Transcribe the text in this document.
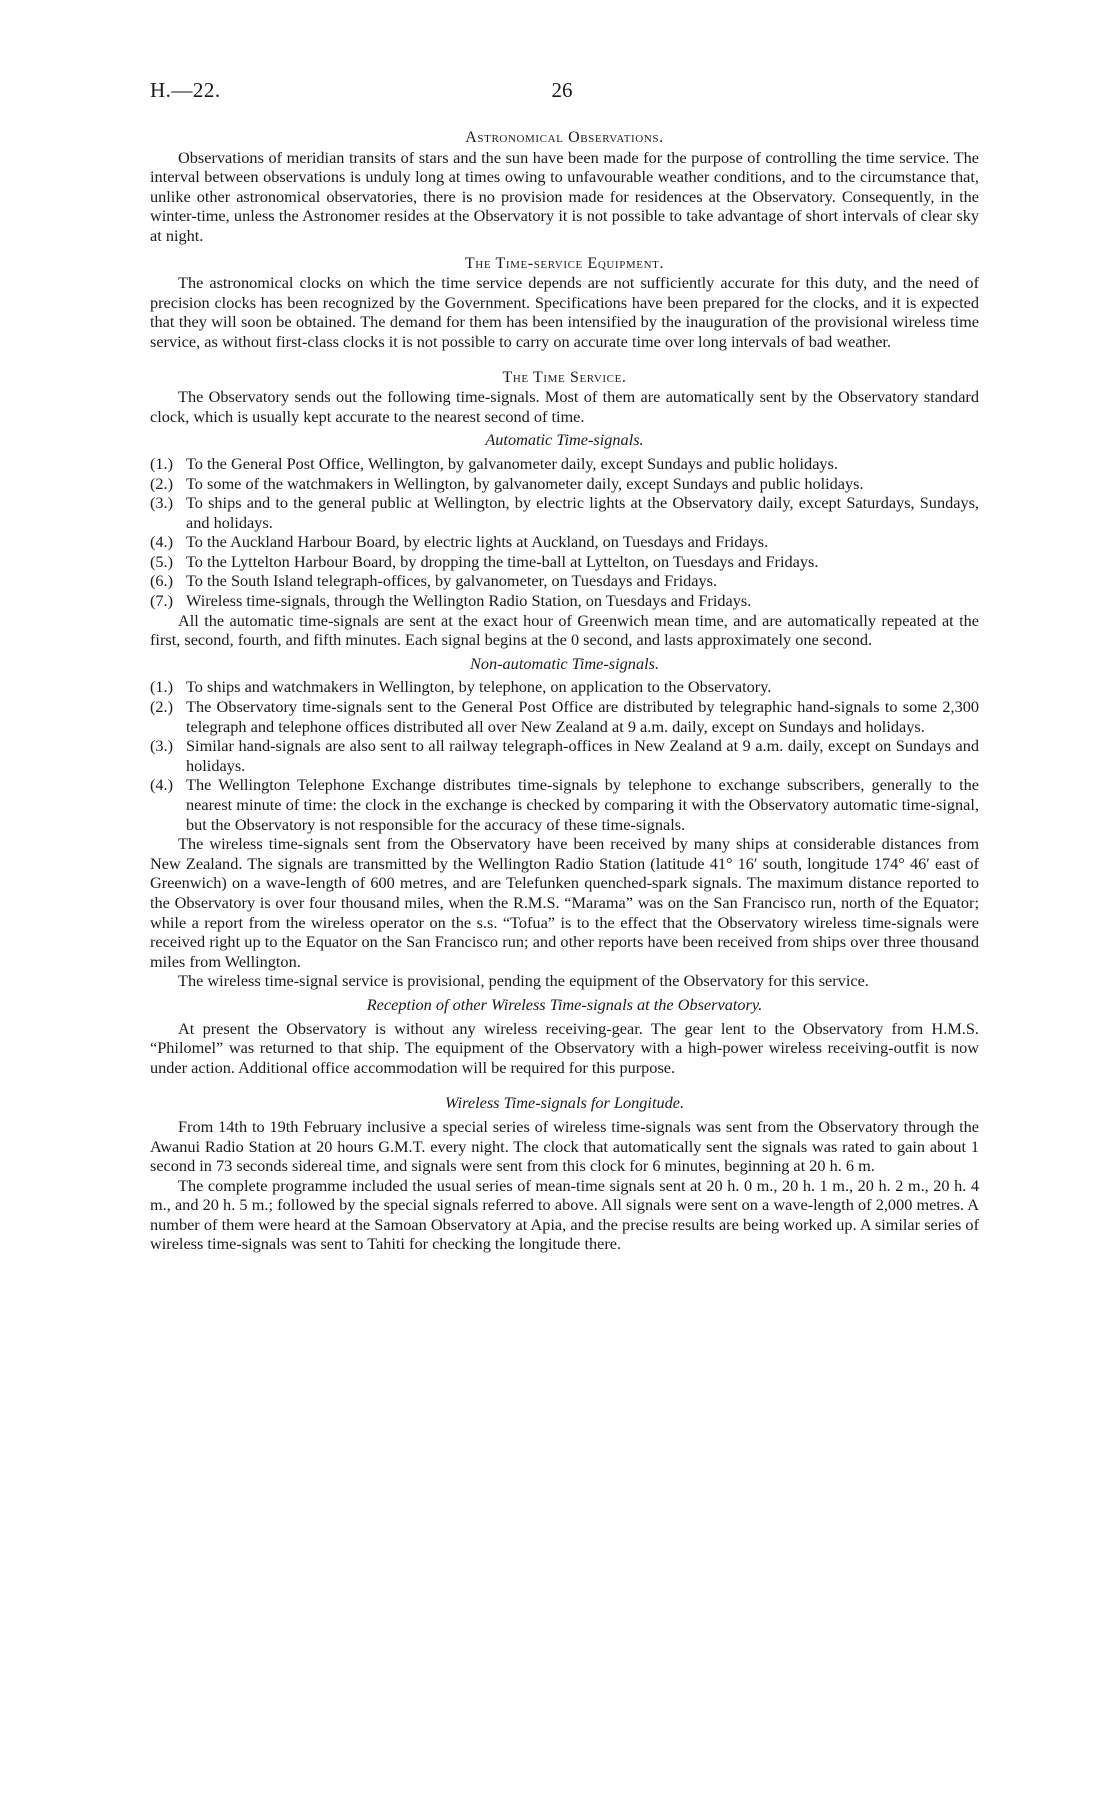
H.—22.	26
Astronomical Observations.

Observations of meridian transits of stars and the sun have been made for the purpose of controlling the time service. The interval between observations is unduly long at times owing to unfavourable weather conditions, and to the circumstance that, unlike other astronomical observatories, there is no provision made for residences at the Observatory. Consequently, in the winter-time, unless the Astronomer resides at the Observatory it is not possible to take advantage of short intervals of clear sky at night.

The Time-service Equipment.

The astronomical clocks on which the time service depends are not sufficiently accurate for this duty, and the need of precision clocks has been recognized by the Government. Specifications have been prepared for the clocks, and it is expected that they will soon be obtained. The demand for them has been intensified by the inauguration of the provisional wireless time service, as without first-class clocks it is not possible to carry on accurate time over long intervals of bad weather.

The Time Service.

The Observatory sends out the following time-signals. Most of them are automatically sent by the Observatory standard clock, which is usually kept accurate to the nearest second of time.

Automatic Time-signals.
(1.) To the General Post Office, Wellington, by galvanometer daily, except Sundays and public holidays.
(2.) To some of the watchmakers in Wellington, by galvanometer daily, except Sundays and public holidays.
(3.) To ships and to the general public at Wellington, by electric lights at the Observatory daily, except Saturdays, Sundays, and holidays.
(4.) To the Auckland Harbour Board, by electric lights at Auckland, on Tuesdays and Fridays.
(5.) To the Lyttelton Harbour Board, by dropping the time-ball at Lyttelton, on Tuesdays and Fridays.
(6.) To the South Island telegraph-offices, by galvanometer, on Tuesdays and Fridays.
(7.) Wireless time-signals, through the Wellington Radio Station, on Tuesdays and Fridays.

All the automatic time-signals are sent at the exact hour of Greenwich mean time, and are automatically repeated at the first, second, fourth, and fifth minutes. Each signal begins at the 0 second, and lasts approximately one second.

Non-automatic Time-signals.
(1.) To ships and watchmakers in Wellington, by telephone, on application to the Observatory.
(2.) The Observatory time-signals sent to the General Post Office are distributed by telegraphic hand-signals to some 2,300 telegraph and telephone offices distributed all over New Zealand at 9 a.m. daily, except on Sundays and holidays.
(3.) Similar hand-signals are also sent to all railway telegraph-offices in New Zealand at 9 a.m. daily, except on Sundays and holidays.
(4.) The Wellington Telephone Exchange distributes time-signals by telephone to exchange subscribers, generally to the nearest minute of time: the clock in the exchange is checked by comparing it with the Observatory automatic time-signal, but the Observatory is not responsible for the accuracy of these time-signals.

The wireless time-signals sent from the Observatory have been received by many ships at considerable distances from New Zealand. The signals are transmitted by the Wellington Radio Station (latitude 41° 16′ south, longitude 174° 46′ east of Greenwich) on a wave-length of 600 metres, and are Telefunken quenched-spark signals. The maximum distance reported to the Observatory is over four thousand miles, when the R.M.S. “Marama” was on the San Francisco run, north of the Equator; while a report from the wireless operator on the s.s. “Tofua” is to the effect that the Observatory wireless time-signals were received right up to the Equator on the San Francisco run; and other reports have been received from ships over three thousand miles from Wellington.

The wireless time-signal service is provisional, pending the equipment of the Observatory for this service.

Reception of other Wireless Time-signals at the Observatory.

At present the Observatory is without any wireless receiving-gear. The gear lent to the Observatory from H.M.S. “Philomel” was returned to that ship. The equipment of the Observatory with a high-power wireless receiving-outfit is now under action. Additional office accommodation will be required for this purpose.

Wireless Time-signals for Longitude.

From 14th to 19th February inclusive a special series of wireless time-signals was sent from the Observatory through the Awanui Radio Station at 20 hours G.M.T. every night. The clock that automatically sent the signals was rated to gain about 1 second in 73 seconds sidereal time, and signals were sent from this clock for 6 minutes, beginning at 20 h. 6 m.

The complete programme included the usual series of mean-time signals sent at 20 h. 0 m., 20 h. 1 m., 20 h. 2 m., 20 h. 4 m., and 20 h. 5 m.; followed by the special signals referred to above. All signals were sent on a wave-length of 2,000 metres. A number of them were heard at the Samoan Observatory at Apia, and the precise results are being worked up. A similar series of wireless time-signals was sent to Tahiti for checking the longitude there.
